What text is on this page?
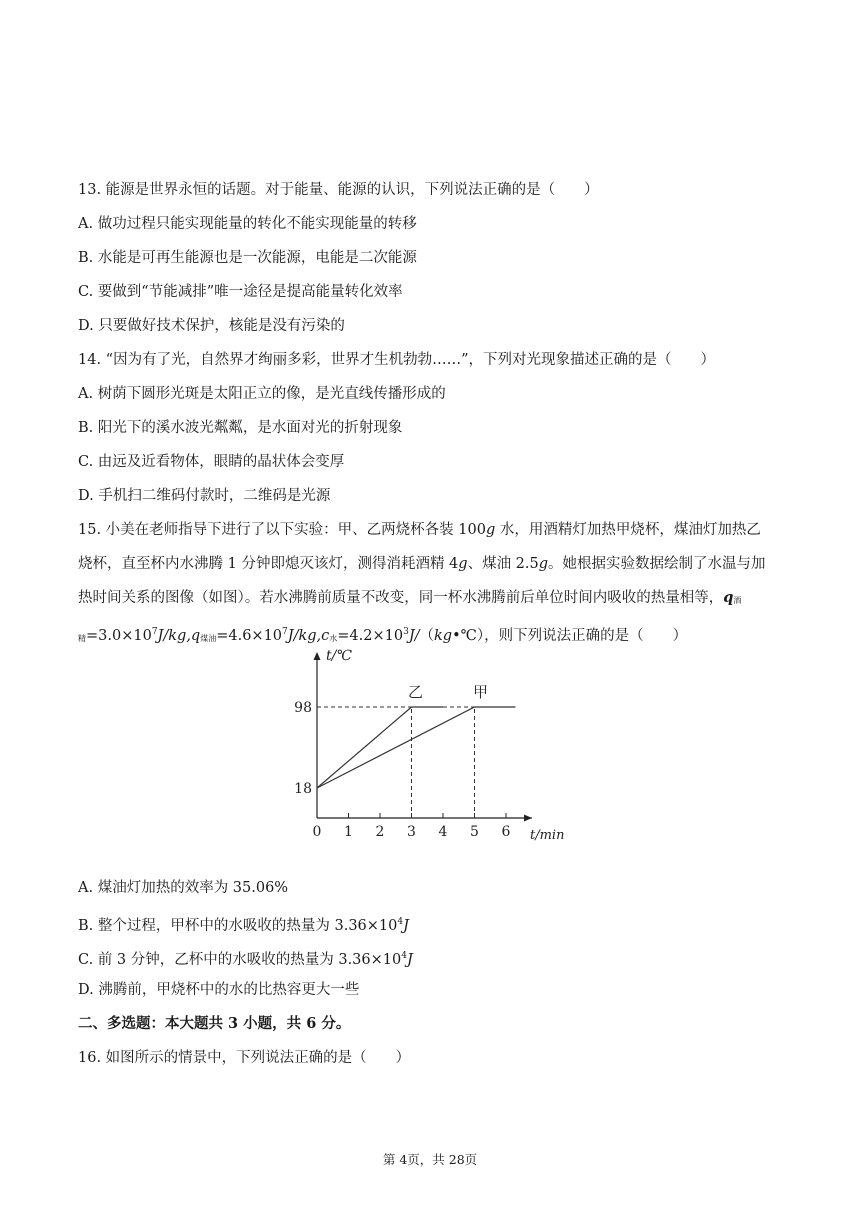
13. 能源是世界永恒的话题。对于能量、能源的认识，下列说法正确的是（　　）
A. 做功过程只能实现能量的转化不能实现能量的转移
B. 水能是可再生能源也是一次能源，电能是二次能源
C. 要做到“节能减排”唯一途径是提高能量转化效率
D. 只要做好技术保护，核能是没有污染的
14. “因为有了光，自然界才绚丽多彩，世界才生机勃勃……”，下列对光现象描述正确的是（　　）
A. 树荫下圆形光斑是太阳正立的像，是光直线传播形成的
B. 阳光下的溪水波光粼粼，是水面对光的折射现象
C. 由远及近看物体，眼睛的晶状体会变厚
D. 手机扫二维码付款时，二维码是光源
15. 小美在老师指导下进行了以下实验：甲、乙两烧杯各装 100g 水，用酒精灯加热甲烧杯，煤油灯加热乙
烧杯，直至杯内水沸腾 1 分钟即熄灭该灯，测得消耗酒精 4g、煤油 2.5g。她根据实验数据绘制了水温与加
热时间关系的图像（如图）。若水沸腾前质量不改变，同一杯水沸腾前后单位时间内吸收的热量相等，$q_酒$
$_精=3.0\times 10^7J/kg,q_{煤油}=4.6\times 10^7J/kg,c_水=4.2\times 10^3J/(kg•℃)$，则下列说法正确的是（　　）
t/℃
t/min
0 1 2 3 4 5 6
18
98
乙	甲
A. 煤油灯加热的效率为 35.06%
B. 整个过程，甲杯中的水吸收的热量为 $3.36\times 10^4J$
C. 前 3 分钟，乙杯中的水吸收的热量为 $3.36\times 10^4J$
D. 沸腾前，甲烧杯中的水的比热容更大一些
二、多选题：本大题共 3 小题，共 6 分。
16. 如图所示的情景中，下列说法正确的是（　　）
第 4页，共 28页
